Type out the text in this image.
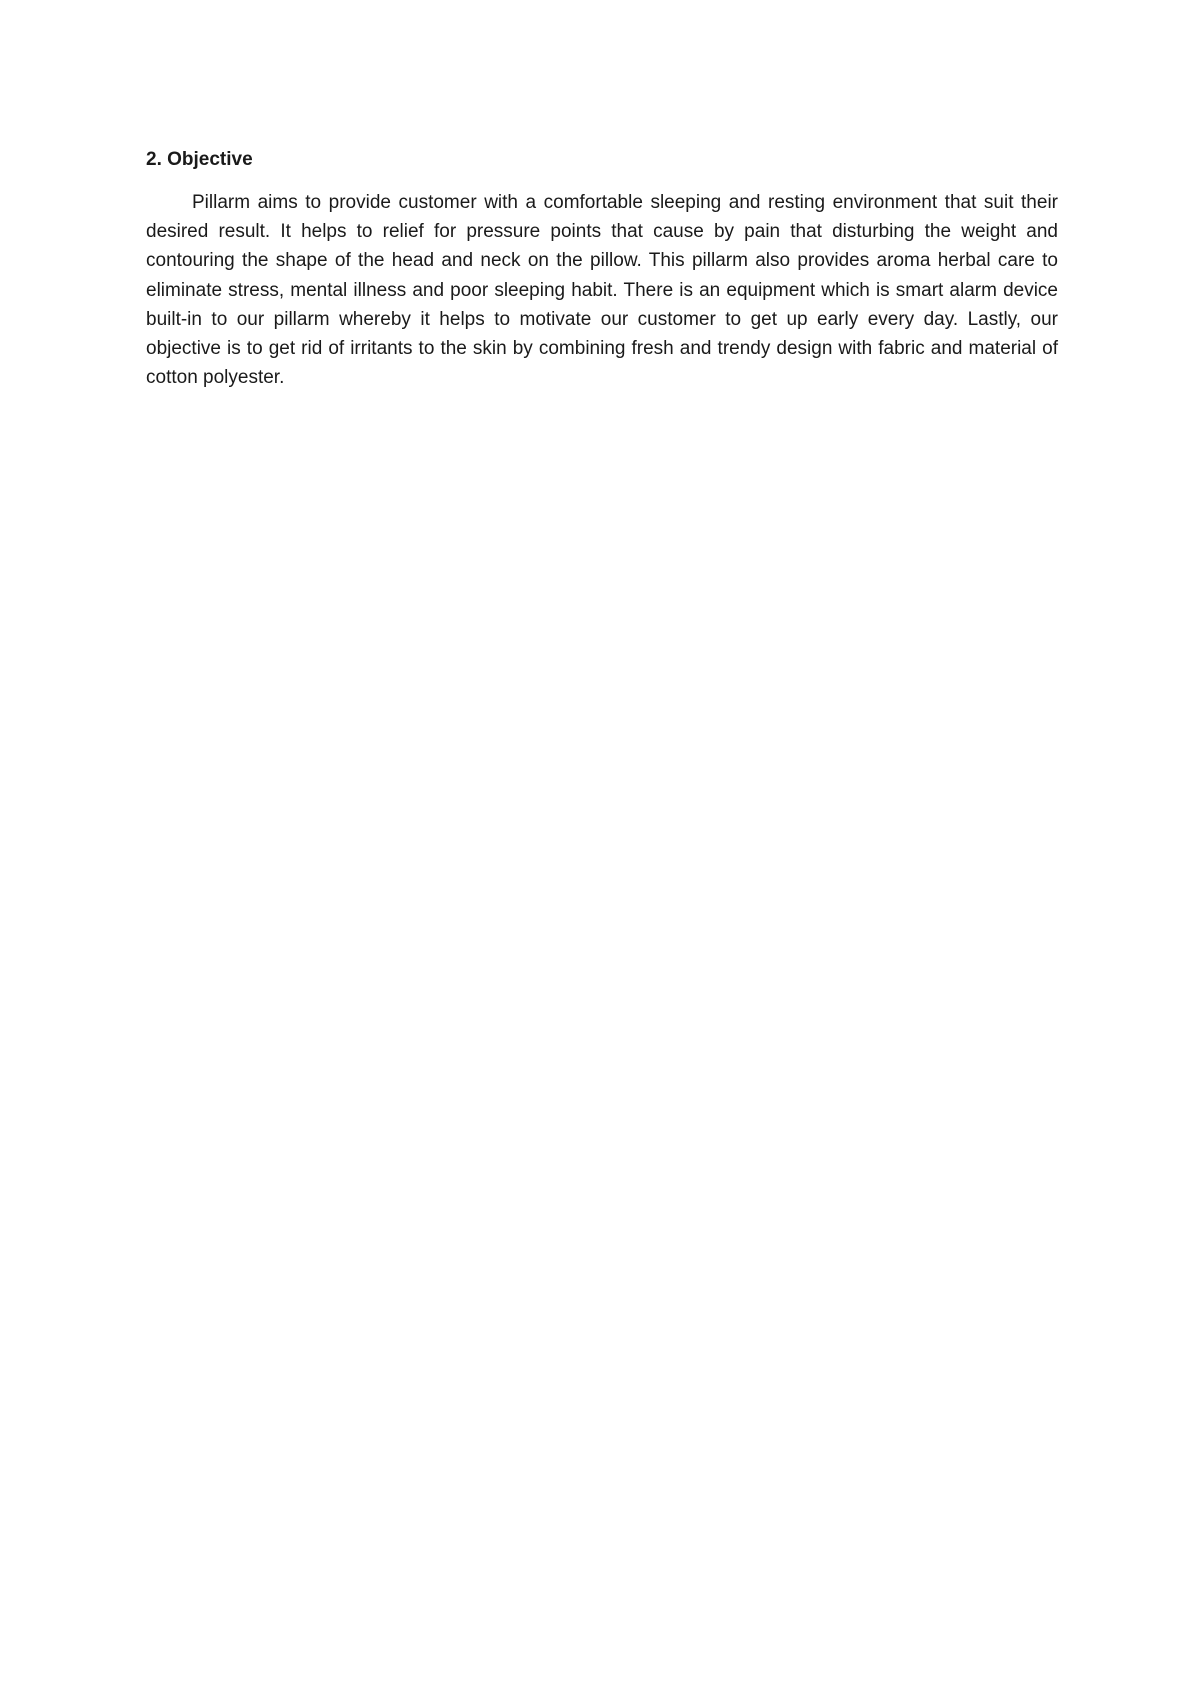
2. Objective

Pillarm aims to provide customer with a comfortable sleeping and resting environment that suit their desired result. It helps to relief for pressure points that cause by pain that disturbing the weight and contouring the shape of the head and neck on the pillow. This pillarm also provides aroma herbal care to eliminate stress, mental illness and poor sleeping habit. There is an equipment which is smart alarm device built-in to our pillarm whereby it helps to motivate our customer to get up early every day. Lastly, our objective is to get rid of irritants to the skin by combining fresh and trendy design with fabric and material of cotton polyester.
